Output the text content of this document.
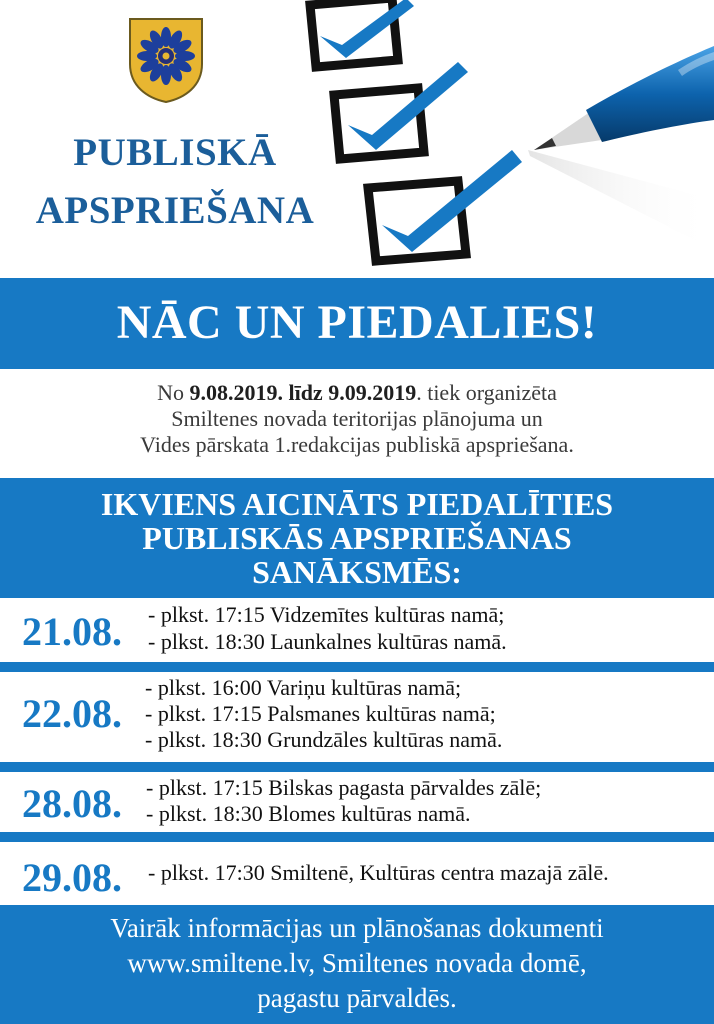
PUBLISKĀ
APSPRIEŠANA
NĀC UN PIEDALIES!
No 9.08.2019. līdz 9.09.2019. tiek organizēta
Smiltenes novada teritorijas plānojuma un
Vides pārskata 1.redakcijas publiskā apspriešana.
IKVIENS AICINĀTS PIEDALĪTIES
PUBLISKĀS APSPRIEŠANAS
SANĀKSMĒS:
21.08. - plkst. 17:15 Vidzemītes kultūras namā;
- plkst. 18:30 Launkalnes kultūras namā.
22.08.
- plkst. 16:00 Variņu kultūras namā;
- plkst. 17:15 Palsmanes kultūras namā;
- plkst. 18:30 Grundzāles kultūras namā.
28.08. - plkst. 17:15 Bilskas pagasta pārvaldes zālē;
- plkst. 18:30 Blomes kultūras namā.
29.08. - plkst. 17:30 Smiltenē, Kultūras centra mazajā zālē.
Vairāk informācijas un plānošanas dokumenti
www.smiltene.lv, Smiltenes novada domē,
pagastu pārvaldēs.
